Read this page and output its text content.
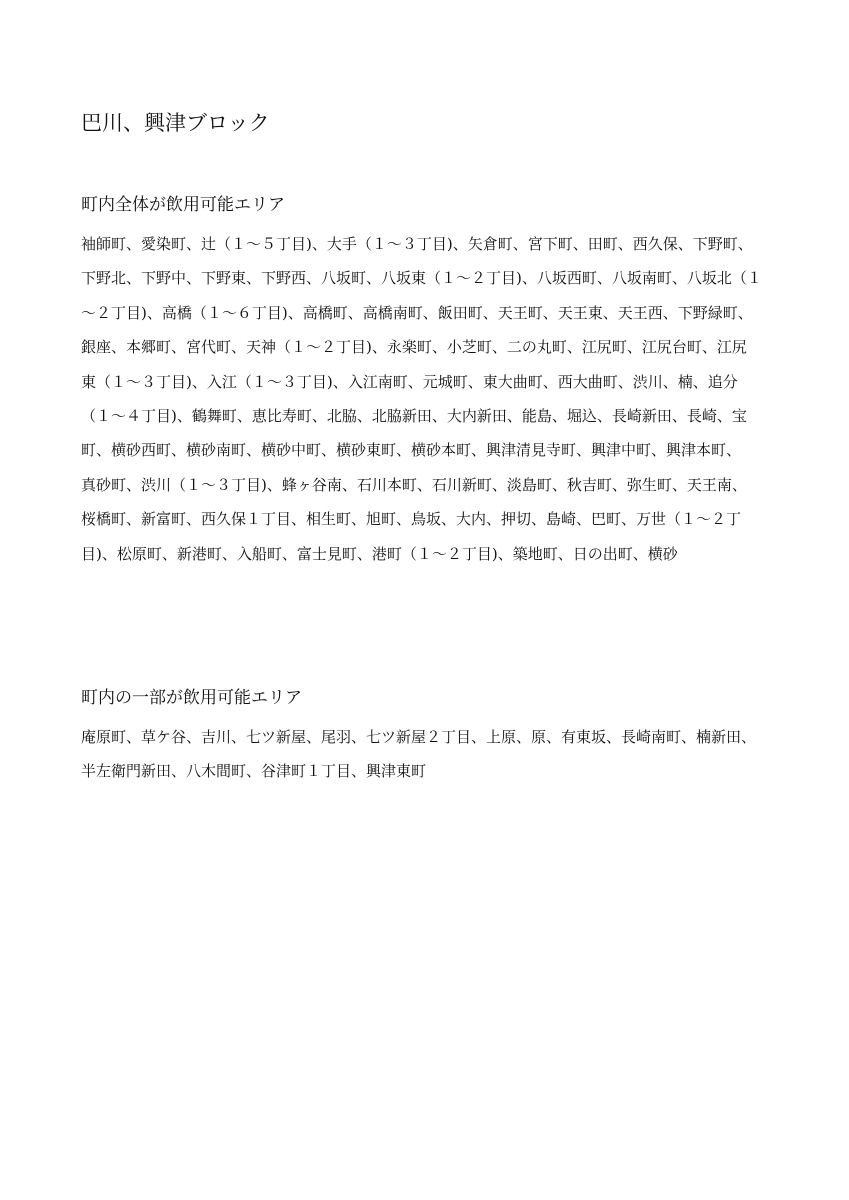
巴川、興津ブロック
町内全体が飲用可能エリア
袖師町、愛染町、辻（１～５丁目)、大手（１～３丁目)、矢倉町、宮下町、田町、西久保、下野町、
下野北、下野中、下野東、下野西、八坂町、八坂東（１～２丁目)、八坂西町、八坂南町、八坂北（１
～２丁目)、高橋（１～６丁目)、高橋町、高橋南町、飯田町、天王町、天王東、天王西、下野緑町、
銀座、本郷町、宮代町、天神（１～２丁目)、永楽町、小芝町、二の丸町、江尻町、江尻台町、江尻
東（１～３丁目)、入江（１～３丁目)、入江南町、元城町、東大曲町、西大曲町、渋川、楠、追分
（１～４丁目)、鶴舞町、恵比寿町、北脇、北脇新田、大内新田、能島、堀込、長崎新田、長崎、宝
町、横砂西町、横砂南町、横砂中町、横砂東町、横砂本町、興津清見寺町、興津中町、興津本町、
真砂町、渋川（１～３丁目)、蜂ヶ谷南、石川本町、石川新町、淡島町、秋吉町、弥生町、天王南、
桜橋町、新富町、西久保１丁目、相生町、旭町、鳥坂、大内、押切、島崎、巴町、万世（１～２丁
目)、松原町、新港町、入船町、富士見町、港町（１～２丁目)、築地町、日の出町、横砂
町内の一部が飲用可能エリア
庵原町、草ケ谷、吉川、七ツ新屋、尾羽、七ツ新屋２丁目、上原、原、有東坂、長崎南町、楠新田、
半左衛門新田、八木間町、谷津町１丁目、興津東町
